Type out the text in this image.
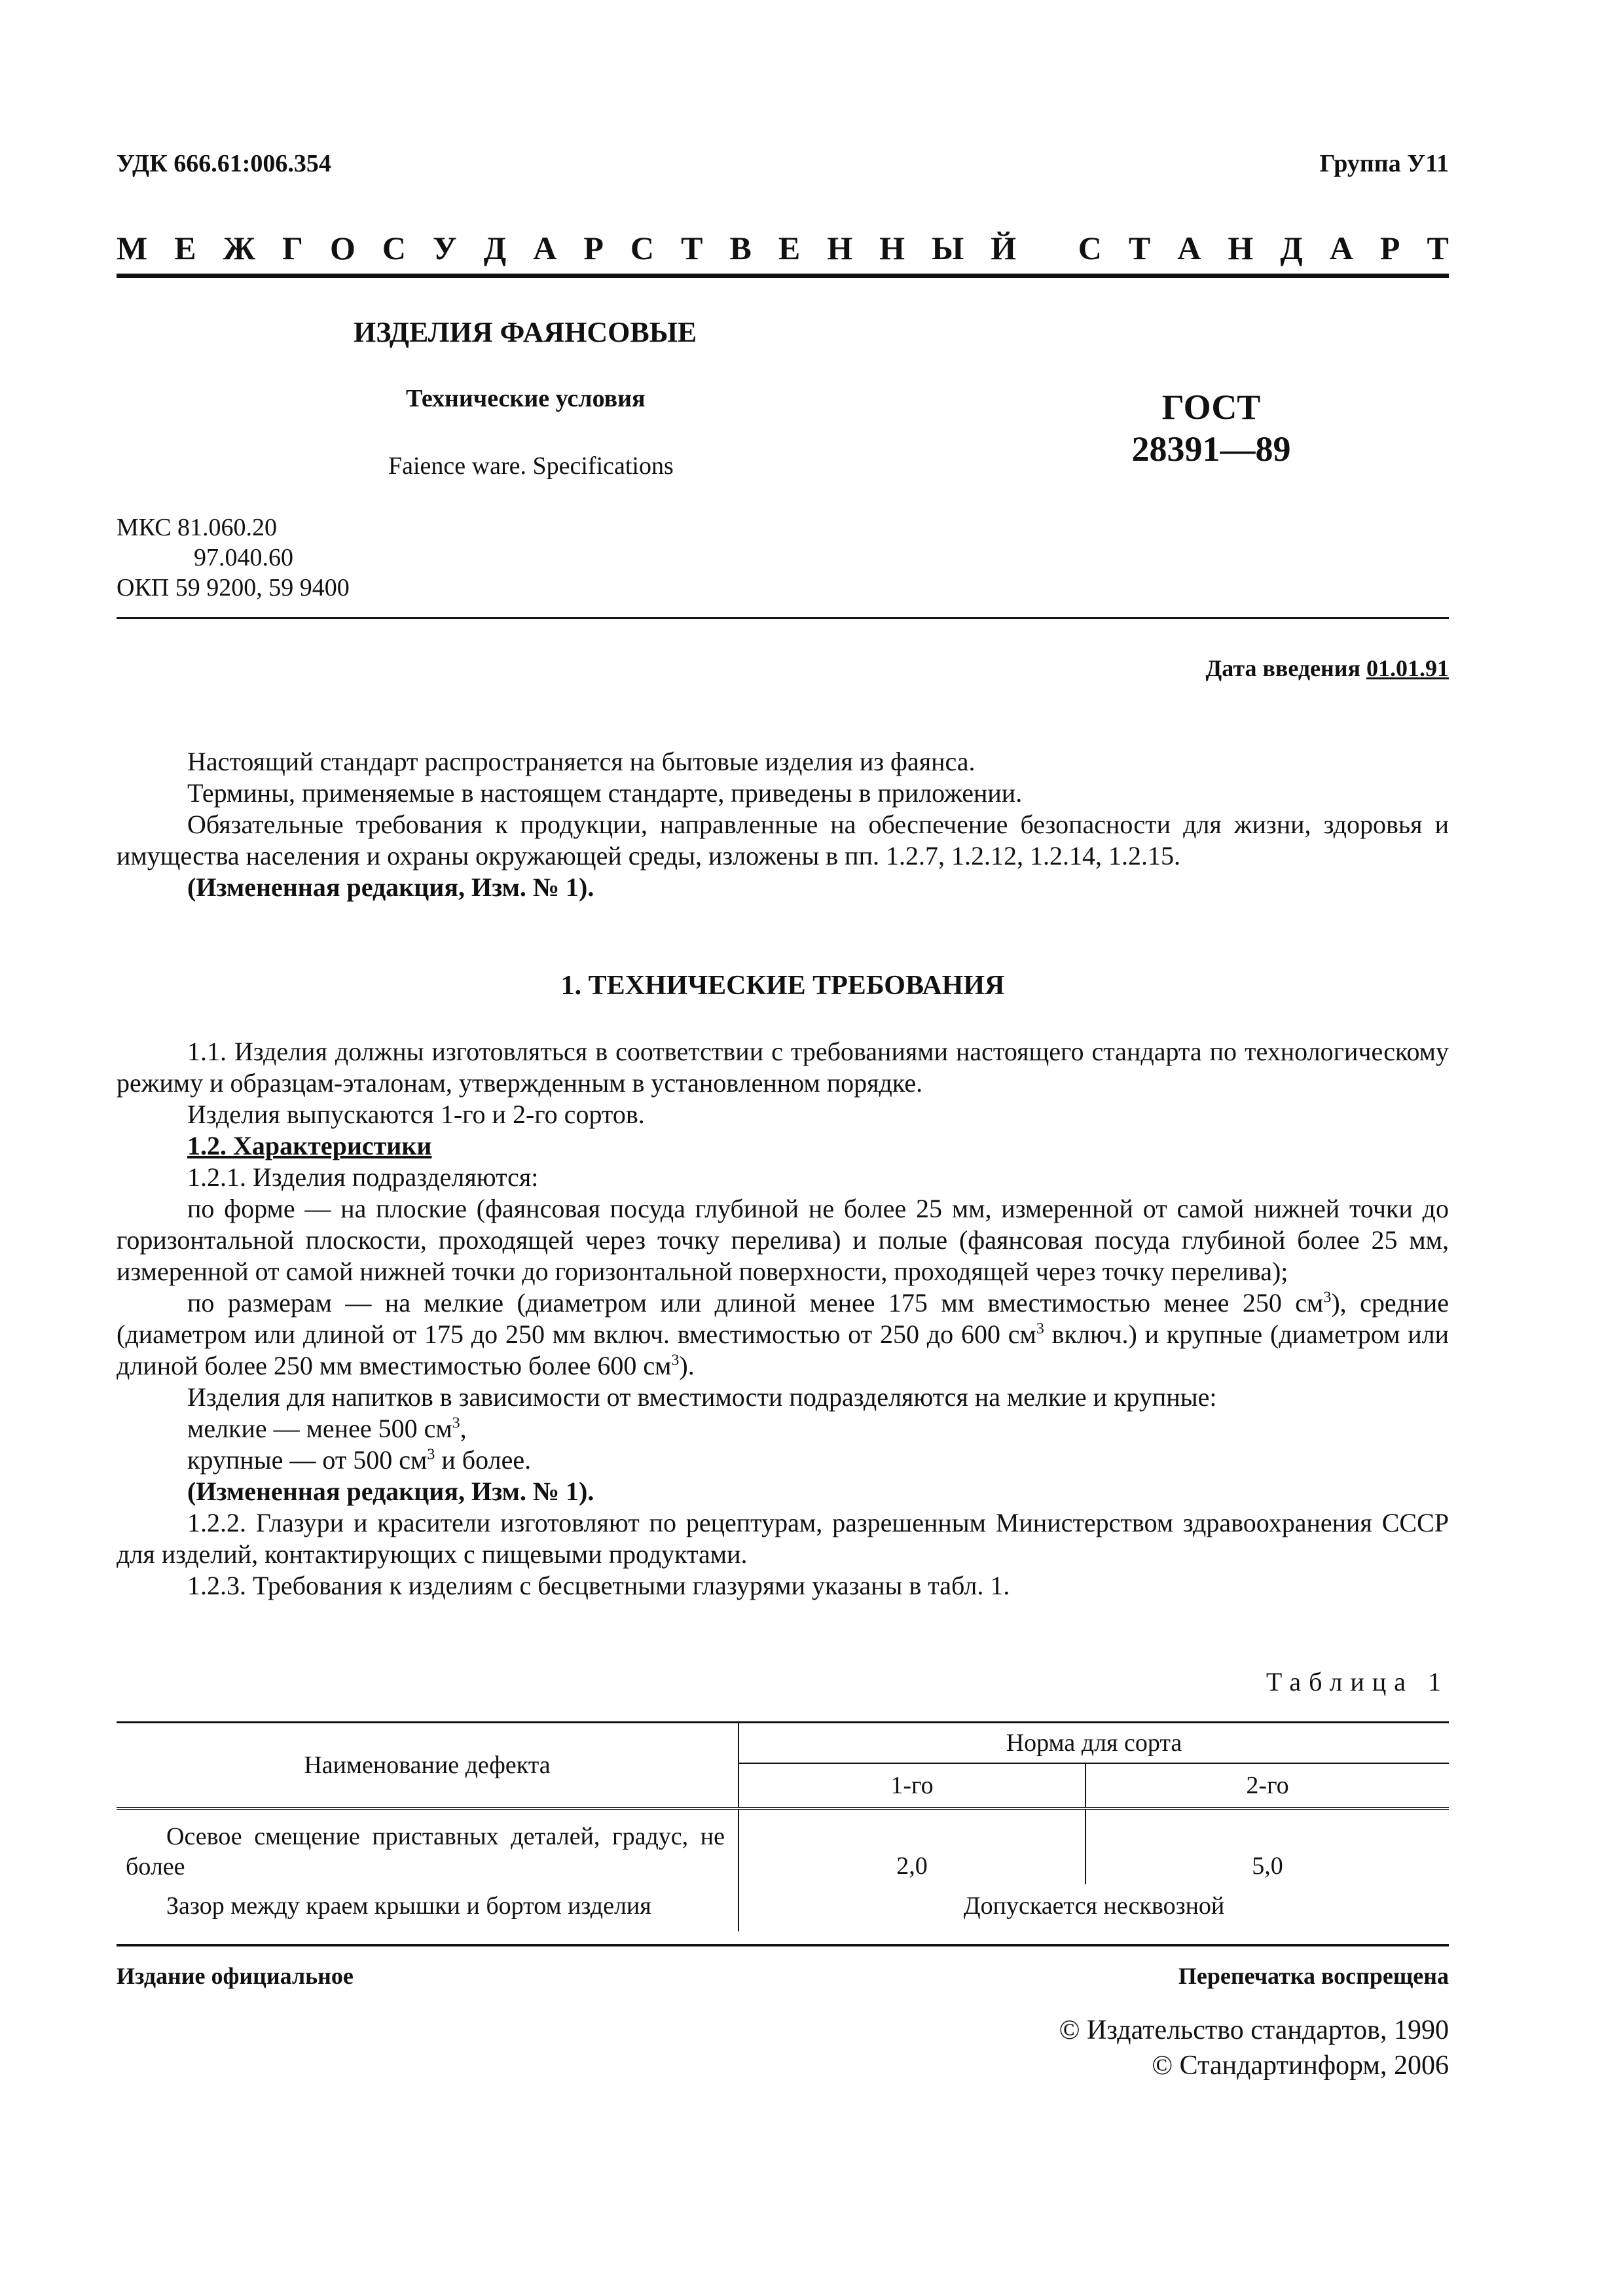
УДК 666.61:006.354	Группа У11
М Е Ж Г О С У Д А Р С Т В Е Н Н Ы Й
С Т А Н Д А Р Т
ИЗДЕЛИЯ ФАЯНСОВЫЕ
Технические условия
Faience ware. Specifications
ГОСТ
28391—89
МКС 81.060.20
97.040.60
ОКП 59 9200, 59 9400
Дата введения 01.01.91
Настоящий стандарт распространяется на бытовые изделия из фаянса.
Термины, применяемые в настоящем стандарте, приведены в приложении.
Обязательные требования к продукции, направленные на обеспечение безопасности для жизни, здоровья и имущества населения и охраны окружающей среды, изложены в пп. 1.2.7, 1.2.12, 1.2.14, 1.2.15.
(Измененная редакция, Изм. № 1).
1. ТЕХНИЧЕСКИЕ ТРЕБОВАНИЯ
1.1. Изделия должны изготовляться в соответствии с требованиями настоящего стандарта по технологическому режиму и образцам-эталонам, утвержденным в установленном порядке.
Изделия выпускаются 1-го и 2-го сортов.
1.2. Характеристики
1.2.1. Изделия подразделяются:
по форме — на плоские (фаянсовая посуда глубиной не более 25 мм, измеренной от самой нижней точки до горизонтальной плоскости, проходящей через точку перелива) и полые (фаянсовая посуда глубиной более 25 мм, измеренной от самой нижней точки до горизонтальной поверхности, проходящей через точку перелива);
по размерам — на мелкие (диаметром или длиной менее 175 мм вместимостью менее 250 $см^3$), средние (диаметром или длиной от 175 до 250 мм включ. вместимостью от 250 до 600 $см^3$ включ.) и крупные (диаметром или длиной более 250 мм вместимостью более 600 $см^3$).
Изделия для напитков в зависимости от вместимости подразделяются на мелкие и крупные:
мелкие — менее 500 $см^3$,
крупные — от 500 $см^3$ и более.
(Измененная редакция, Изм. № 1).
1.2.2. Глазури и красители изготовляют по рецептурам, разрешенным Министерством здравоохранения СССР для изделий, контактирующих с пищевыми продуктами.
1.2.3. Требования к изделиям с бесцветными глазурями указаны в табл. 1.
Таблица 1
Наименование дефекта	Норма для сорта	
	1-го	2-го
Осевое смещение приставных деталей, градус, не более	2,0	5,0
Зазор между краем крышки и бортом изделия	Допускается несквозной	
Издание официальное	Перепечатка воспрещена
© Издательство стандартов, 1990
© Стандартинформ, 2006
